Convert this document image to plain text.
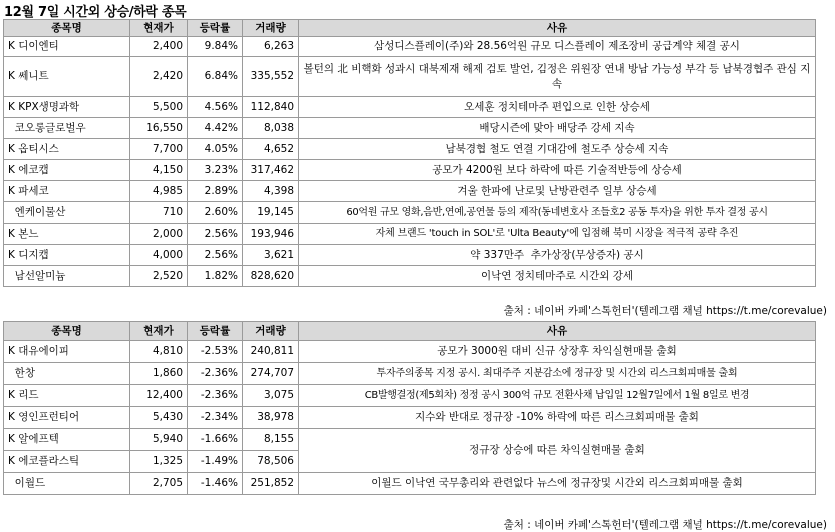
12월 7일 시간외 상승/하락 종목
종목명	현재가	등락률	거래량	사유
K 디이엔티	2,400	9.84%	6,263	삼성디스플레이(주)와 28.56억원 규모 디스플레이 제조장비 공급계약 체결 공시
K 쎄니트	2,420	6.84%	335,552	볼턴의 北 비핵화 성과시 대북제재 해제 검토 발언, 김정은 위원장 연내 방남 가능성 부각 등 남북경협주 관심 지속
K KPX생명과학	5,500	4.56%	112,840	오세훈 정치테마주 편입으로 인한 상승세
코오롱글로벌우	16,550	4.42%	8,038	배당시즌에 맞아 배당주 강세 지속
K 옵티시스	7,700	4.05%	4,652	남북경협 철도 연결 기대감에 철도주 상승세 지속
K 에코캡	4,150	3.23%	317,462	공모가 4200원 보다 하락에 따른 기술적반등에 상승세
K 파세코	4,985	2.89%	4,398	겨울 한파에 난로및 난방관련주 일부 상승세
엔케이물산	710	2.60%	19,145	60억원 규모 영화,음반,연예,공연물 등의 제작(동네변호사 조들호2 공동 투자)을 위한 투자 결정 공시
K 본느	2,000	2.56%	193,946	자체 브랜드 'touch in SOL'로 'Ulta Beauty'에 입점해 북미 시장을 적극적 공략 추진
K 디지캡	4,000	2.56%	3,621	약 337만주  추가상장(무상증자) 공시
남선알미늄	2,520	1.82%	828,620	이낙연 정치테마주로 시간외 강세
출처 : 네이버 카페'스톡헌터'(텔레그램 채널 https://t.me/corevalue)
종목명	현재가	등락률	거래량	사유
K 대유에이피	4,810	-2.53%	240,811	공모가 3000원 대비 신규 상장후 차익실현매물 출회
한창	1,860	-2.36%	274,707	투자주의종목 지정 공시. 최대주주 지분감소에 정규장 및 시간외 리스크회피매물 출회
K 리드	12,400	-2.36%	3,075	CB발행결정(제5회차) 정정 공시 300억 규모 전환사채 납입일 12월7일에서 1월 8일로 변경
K 영인프런티어	5,430	-2.34%	38,978	지수와 반대로 정규장 -10% 하락에 따른 리스크회피매물 출회
K 알에프텍	5,940	-1.66%	8,155	정규장 상승에 따른 차익실현매물 출회
K 에코플라스틱	1,325	-1.49%	78,506	
이월드	2,705	-1.46%	251,852	이월드 이낙연 국무총리와 관련없다 뉴스에 정규장및 시간외 리스크회피매물 출회
출처 : 네이버 카페'스톡헌터'(텔레그램 채널 https://t.me/corevalue)
